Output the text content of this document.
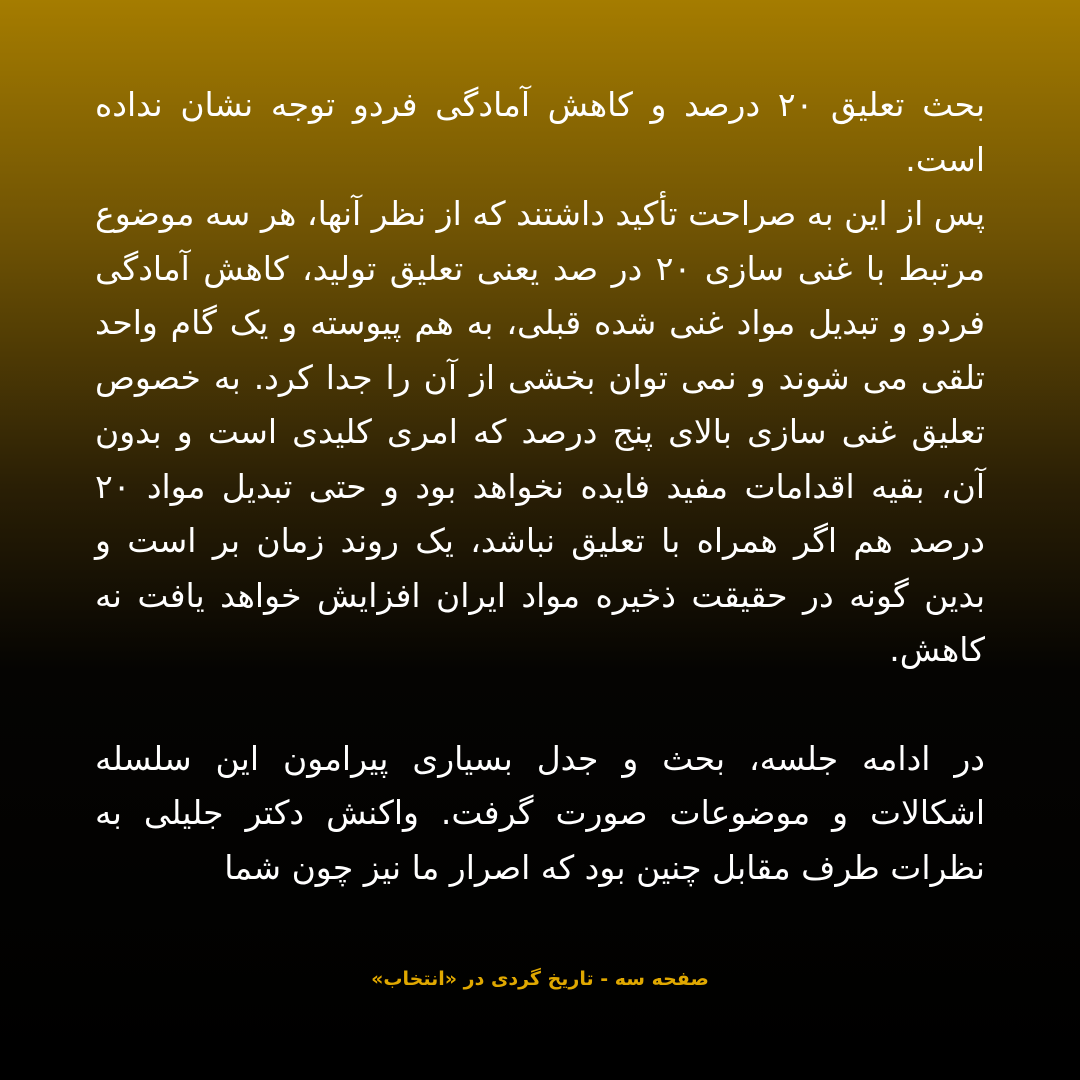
بحث تعلیق ۲۰ درصد و کاهش آمادگی فردو توجه نشان نداده است.

پس از این به صراحت تأکید داشتند که از نظر آنها، هر سه موضوع مرتبط با غنی سازی ۲۰ در صد یعنی تعلیق تولید، کاهش آمادگی فردو و تبدیل مواد غنی شده قبلی، به هم پیوسته و یک گام واحد تلقی می شوند و نمی توان بخشی از آن را جدا کرد. به خصوص تعلیق غنی سازی بالای پنج درصد که امری کلیدی است و بدون آن، بقیه اقدامات مفید فایده نخواهد بود و حتی تبدیل مواد ۲۰ درصد هم اگر همراه با تعلیق نباشد، یک روند زمان بر است و بدین گونه در حقیقت ذخیره مواد ایران افزایش خواهد یافت نه کاهش.

در ادامه جلسه، بحث و جدل بسیاری پیرامون این سلسله اشکالات و موضوعات صورت گرفت. واکنش دکتر جلیلی به نظرات طرف مقابل چنین بود که اصرار ما نیز چون شما

صفحه سه - تاریخ گردی در «انتخاب»
